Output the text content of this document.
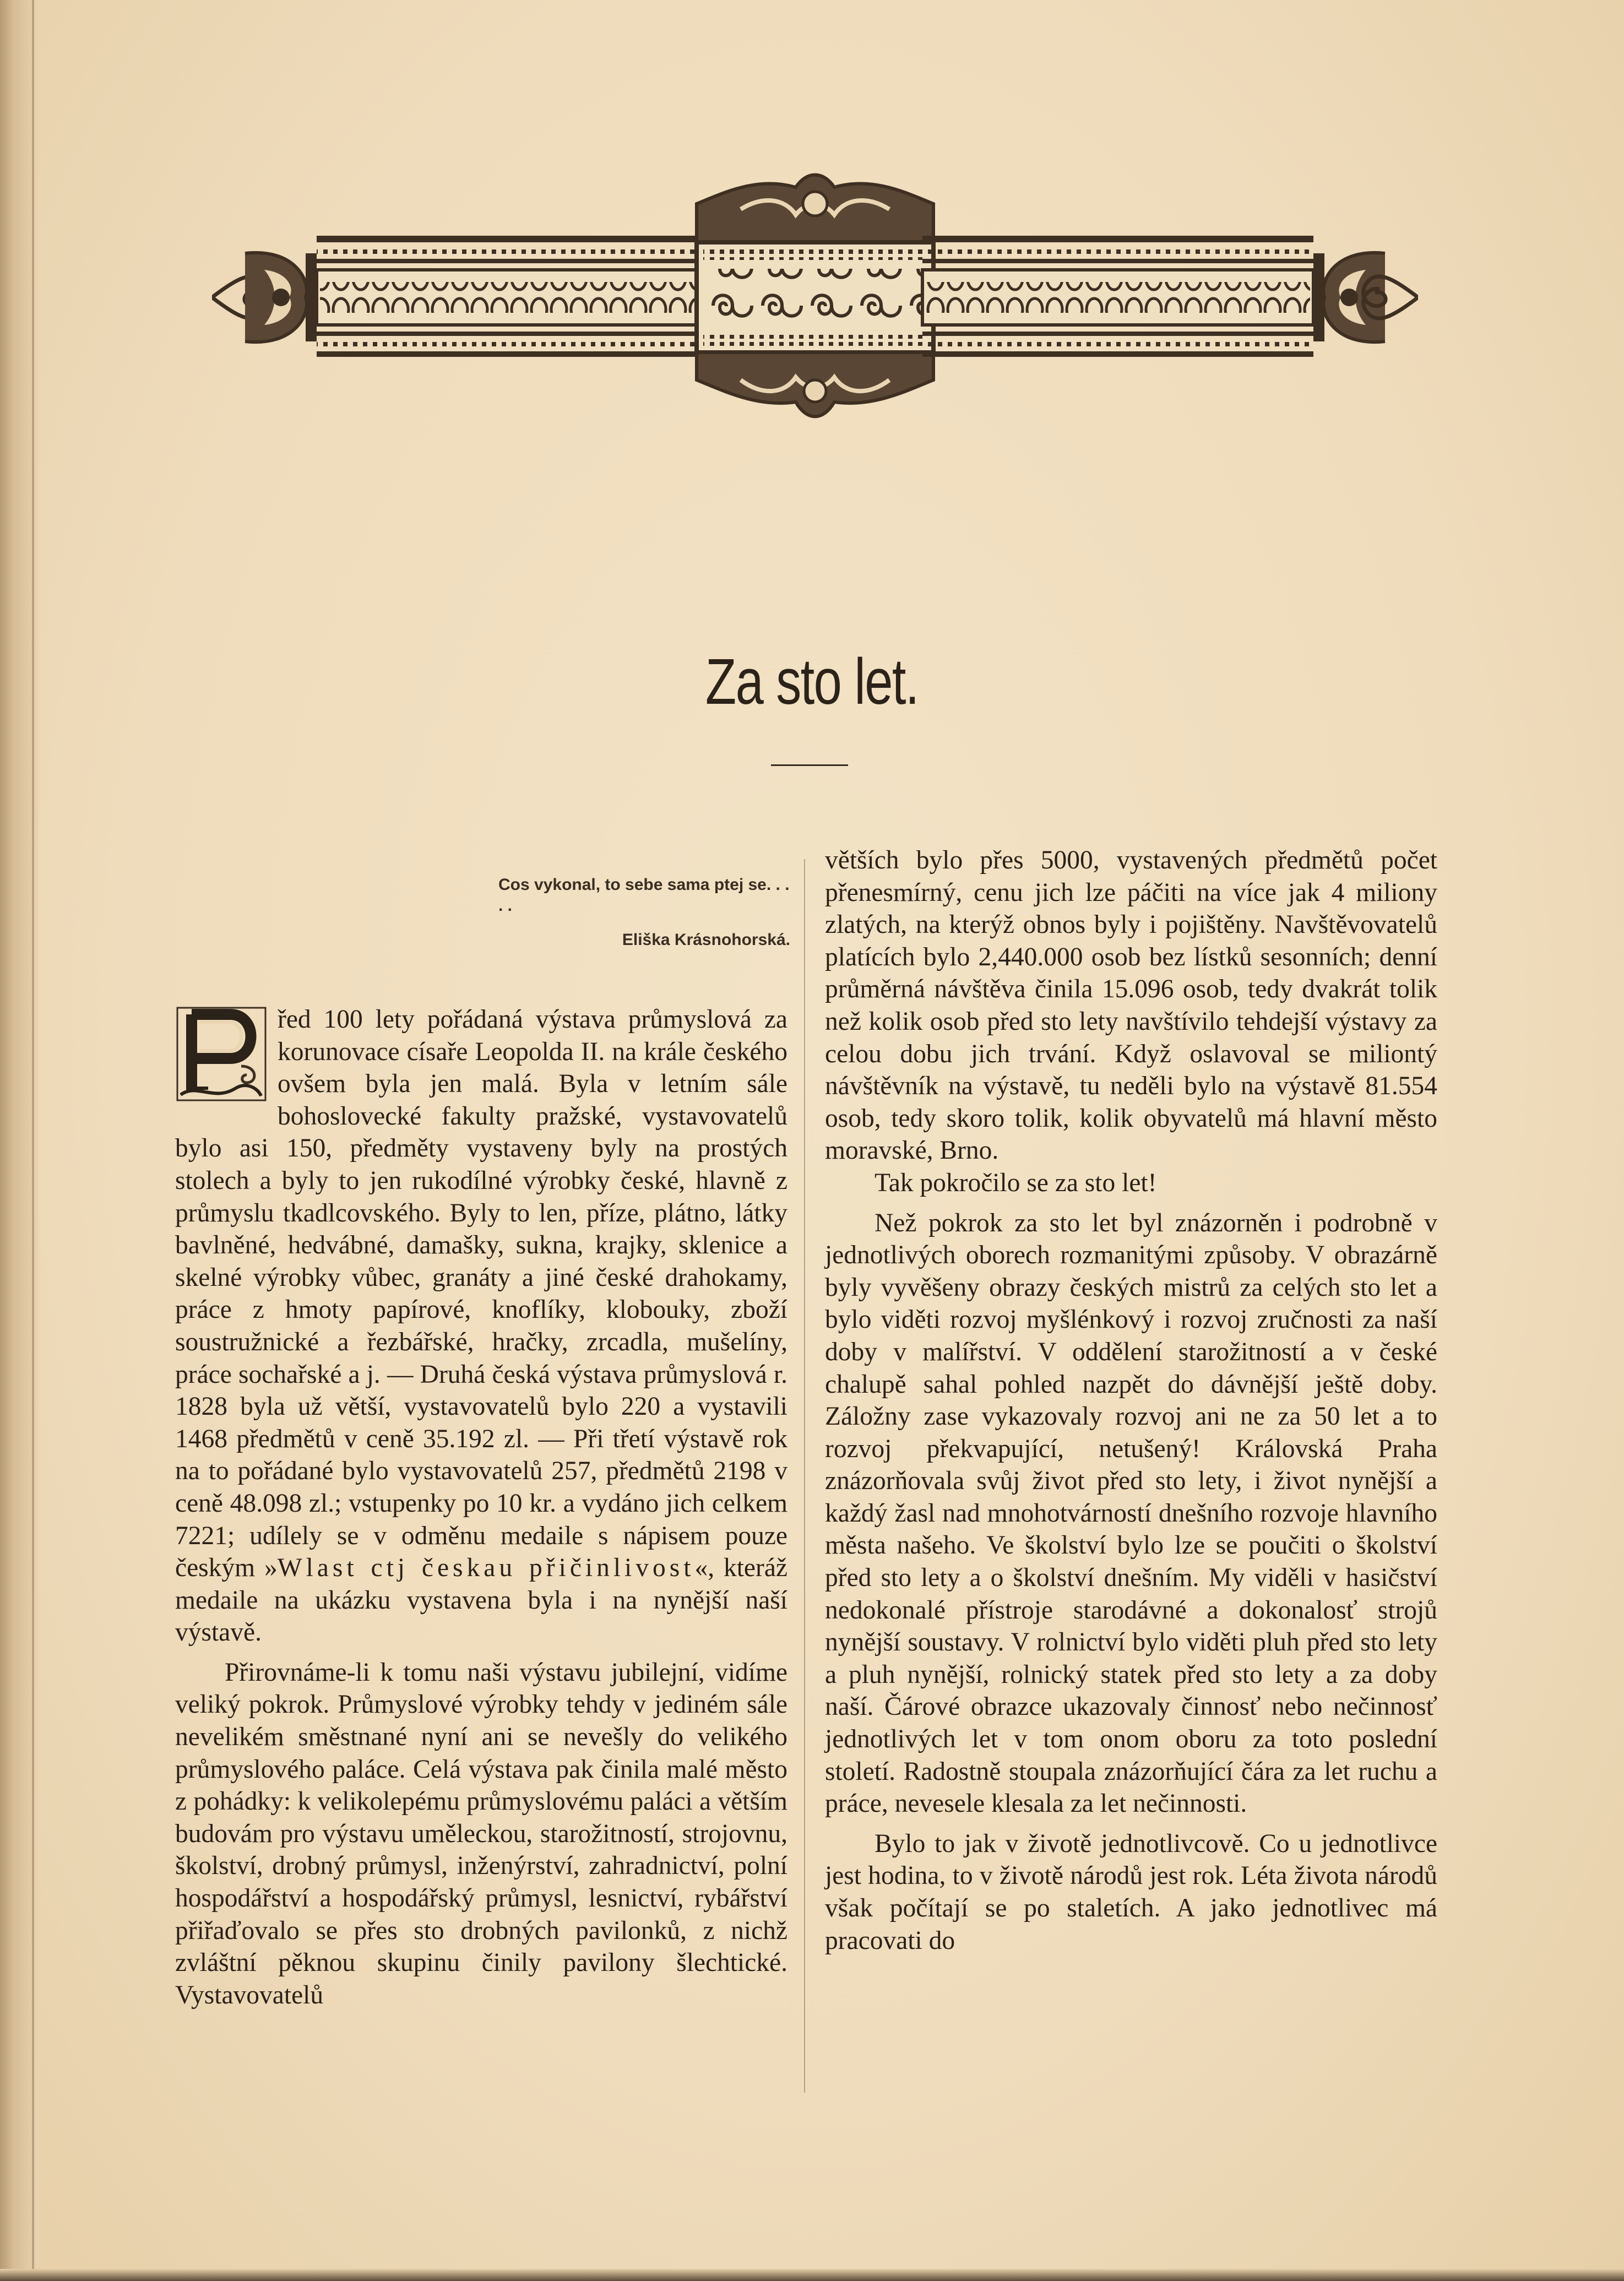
Za sto let.
Cos vykonal, to sebe sama ptej se. . . . .
Eliška Krásnohorská.

řed 100 lety pořádaná výstava průmyslová za korunovace císaře Leopolda II. na krále českého ovšem byla jen malá. Byla v letním sále bohoslovecké fakulty pražské, vystavovatelů bylo asi 150, předměty vystaveny byly na prostých stolech a byly to jen rukodílné výrobky české, hlavně z průmyslu tkadlcovského. Byly to len, příze, plátno, látky bavlněné, hedvábné, damašky, sukna, krajky, sklenice a skelné výrobky vůbec, granáty a jiné české drahokamy, práce z hmoty papírové, knoflíky, klobouky, zboží soustružnické a řezbářské, hračky, zrcadla, mušelíny, práce sochařské a j. — Druhá česká výstava průmyslová r. 1828 byla už větší, vystavovatelů bylo 220 a vystavili 1468 předmětů v ceně 35.192 zl. — Při třetí výstavě rok na to pořádané bylo vystavovatelů 257, předmětů 2198 v ceně 48.098 zl.; vstupenky po 10 kr. a vydáno jich celkem 7221; udílely se v odměnu medaile s nápisem pouze českým »Wlast ctj českau přičinlivost«, kteráž medaile na ukázku vystavena byla i na nynější naší výstavě.

Přirovnáme-li k tomu naši výstavu jubilejní, vidíme veliký pokrok. Průmyslové výrobky tehdy v jediném sále nevelikém směstnané nyní ani se nevešly do velikého průmyslového paláce. Celá výstava pak činila malé město z pohádky: k velikolepému průmyslovému paláci a větším budovám pro výstavu uměleckou, starožitností, strojovnu, školství, drobný průmysl, inženýrství, zahradnictví, polní hospodářství a hospodářský průmysl, lesnictví, rybářství přiřaďovalo se přes sto drobných pavilonků, z nichž zvláštní pěknou skupinu činily pavilony šlechtické. Vystavovatelů

větších bylo přes 5000, vystavených předmětů počet přenesmírný, cenu jich lze páčiti na více jak 4 miliony zlatých, na kterýž obnos byly i pojištěny. Navštěvovatelů platících bylo 2,440.000 osob bez lístků sesonních; denní průměrná návštěva činila 15.096 osob, tedy dvakrát tolik než kolik osob před sto lety navštívilo tehdejší výstavy za celou dobu jich trvání. Když oslavoval se miliontý návštěvník na výstavě, tu neděli bylo na výstavě 81.554 osob, tedy skoro tolik, kolik obyvatelů má hlavní město moravské, Brno.

Tak pokročilo se za sto let!

Než pokrok za sto let byl znázorněn i podrobně v jednotlivých oborech rozmanitými způsoby. V obrazárně byly vyvěšeny obrazy českých mistrů za celých sto let a bylo viděti rozvoj myšlénkový i rozvoj zručnosti za naší doby v malířství. V oddělení starožitností a v české chalupě sahal pohled nazpět do dávnější ještě doby. Záložny zase vykazovaly rozvoj ani ne za 50 let a to rozvoj překvapující, netušený! Královská Praha znázorňovala svůj život před sto lety, i život nynější a každý žasl nad mnohotvárností dnešního rozvoje hlavního města našeho. Ve školství bylo lze se poučiti o školství před sto lety a o školství dnešním. My viděli v hasičství nedokonalé přístroje starodávné a dokonalosť strojů nynější soustavy. V rolnictví bylo viděti pluh před sto lety a pluh nynější, rolnický statek před sto lety a za doby naší. Čárové obrazce ukazovaly činnosť nebo nečinnosť jednotlivých let v tom onom oboru za toto poslední století. Radostně stoupala znázorňující čára za let ruchu a práce, nevesele klesala za let nečinnosti.

Bylo to jak v životě jednotlivcově. Co u jednotlivce jest hodina, to v životě národů jest rok. Léta života národů však počítají se po staletích. A jako jednotlivec má pracovati do
